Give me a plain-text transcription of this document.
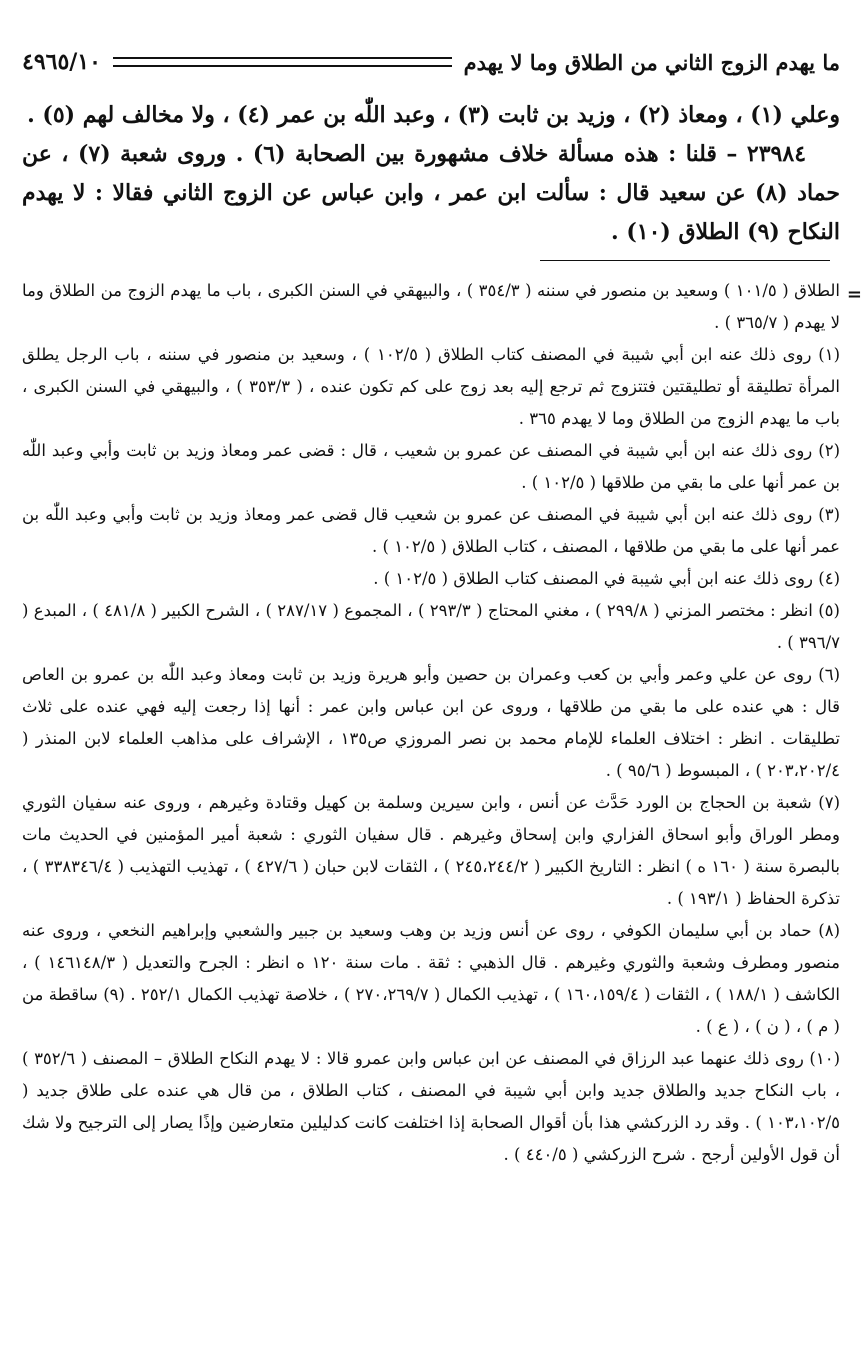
ما يهدم الزوج الثاني من الطلاق وما لا يهدم
٤٩٦٥/١٠

وعلي (١) ، ومعاذ (٢) ، وزيد بن ثابت (٣) ، وعبد اللّٰه بن عمر (٤) ، ولا مخالف لهم (٥) .

٢٣٩٨٤ – قلنا : هذه مسألة خلاف مشهورة بين الصحابة (٦) . وروى شعبة (٧) ، عن حماد (٨) عن سعيد قال : سألت ابن عمر ، وابن عباس عن الزوج الثاني فقالا : لا يهدم النكاح (٩) الطلاق (١٠) .

=

الطلاق ( ١٠١/٥ ) وسعيد بن منصور في سننه ( ٣٥٤/٣ ) ، والبيهقي في السنن الكبرى ، باب ما يهدم الزوج من الطلاق وما لا يهدم ( ٣٦٥/٧ ) .

(١) روى ذلك عنه ابن أبي شيبة في المصنف كتاب الطلاق ( ١٠٢/٥ ) ، وسعيد بن منصور في سننه ، باب الرجل يطلق المرأة تطليقة أو تطليقتين فتتزوج ثم ترجع إليه بعد زوج على كم تكون عنده ، ( ٣٥٣/٣ ) ، والبيهقي في السنن الكبرى ، باب ما يهدم الزوج من الطلاق وما لا يهدم ٣٦٥ .

(٢) روى ذلك عنه ابن أبي شيبة في المصنف عن عمرو بن شعيب ، قال : قضى عمر ومعاذ وزيد بن ثابت وأبي وعبد اللّٰه بن عمر أنها على ما بقي من طلاقها ( ١٠٢/٥ ) .

(٣) روى ذلك عنه ابن أبي شيبة في المصنف عن عمرو بن شعيب قال قضى عمر ومعاذ وزيد بن ثابت وأبي وعبد اللّٰه بن عمر أنها على ما بقي من طلاقها ، المصنف ، كتاب الطلاق ( ١٠٢/٥ ) .

(٤) روى ذلك عنه ابن أبي شيبة في المصنف كتاب الطلاق ( ١٠٢/٥ ) .

(٥) انظر : مختصر المزني ( ٢٩٩/٨ ) ، مغني المحتاج ( ٢٩٣/٣ ) ، المجموع ( ٢٨٧/١٧ ) ، الشرح الكبير ( ٤٨١/٨ ) ، المبدع ( ٣٩٦/٧ ) .

(٦) روى عن علي وعمر وأبي بن كعب وعمران بن حصين وأبو هريرة وزيد بن ثابت ومعاذ وعبد اللّٰه بن عمرو بن العاص قال : هي عنده على ما بقي من طلاقها ، وروى عن ابن عباس وابن عمر : أنها إذا رجعت إليه فهي عنده على ثلاث تطليقات . انظر : اختلاف العلماء للإمام محمد بن نصر المروزي ص١٣٥ ، الإشراف على مذاهب العلماء لابن المنذر ( ٢٠٣،٢٠٢/٤ ) ، المبسوط ( ٩٥/٦ ) .

(٧) شعبة بن الحجاج بن الورد حَدَّث عن أنس ، وابن سيرين وسلمة بن كهيل وقتادة وغيرهم ، وروى عنه سفيان الثوري ومطر الوراق وأبو اسحاق الفزاري وابن إسحاق وغيرهم . قال سفيان الثوري : شعبة أمير المؤمنين في الحديث مات بالبصرة سنة ( ١٦٠ ه ) انظر : التاريخ الكبير ( ٢٤٥،٢٤٤/٢ ) ، الثقات لابن حبان ( ٤٢٧/٦ ) ، تهذيب التهذيب ( ٣٣٨٣٤٦/٤ ) ، تذكرة الحفاظ ( ١٩٣/١ ) .

(٨) حماد بن أبي سليمان الكوفي ، روى عن أنس وزيد بن وهب وسعيد بن جبير والشعبي وإبراهيم النخعي ، وروى عنه منصور ومطرف وشعبة والثوري وغيرهم . قال الذهبي : ثقة . مات سنة ١٢٠ ه انظر : الجرح والتعديل ( ١٤٦١٤٨/٣ ) ، الكاشف ( ١٨٨/١ ) ، الثقات ( ١٦٠،١٥٩/٤ ) ، تهذيب الكمال ( ٢٧٠،٢٦٩/٧ ) ، خلاصة تهذيب الكمال ٢٥٢/١ . (٩) ساقطة من ( م ) ، ( ن ) ، ( ع ) .

(١٠) روى ذلك عنهما عبد الرزاق في المصنف عن ابن عباس وابن عمرو قالا : لا يهدم النكاح الطلاق – المصنف ( ٣٥٢/٦ ) ، باب النكاح جديد والطلاق جديد وابن أبي شيبة في المصنف ، كتاب الطلاق ، من قال هي عنده على طلاق جديد ( ١٠٣،١٠٢/٥ ) . وقد رد الزركشي هذا بأن أقوال الصحابة إذا اختلفت كانت كدليلين متعارضين وإذًا يصار إلى الترجيح ولا شك أن قول الأولين أرجح . شرح الزركشي ( ٤٤٠/٥ ) .
